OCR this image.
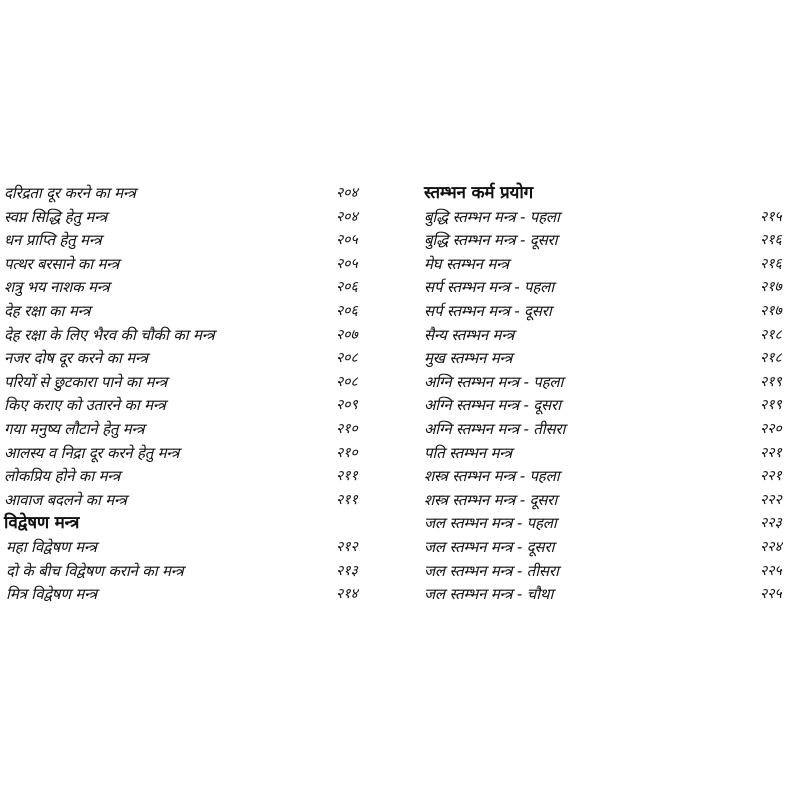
दरिद्रता दूर करने का मन्त्र	२०४
स्वप्न सिद्धि हेतु मन्त्र	२०४
धन प्राप्ति हेतु मन्त्र	२०५
पत्थर बरसाने का मन्त्र	२०५
शत्रु भय नाशक मन्त्र	२०६
देह रक्षा का मन्त्र	२०६
देह रक्षा के लिए भैरव की चौकी का मन्त्र	२०७
नजर दोष दूर करने का मन्त्र	२०८
परियों से छुटकारा पाने का मन्त्र	२०८
किए कराए को उतारने का मन्त्र	२०९
गया मनुष्य लौटाने हेतु मन्त्र	२१०
आलस्य व निद्रा दूर करने हेतु मन्त्र	२१०
लोकप्रिय होने का मन्त्र	२११
आवाज बदलने का मन्त्र	२११
विद्वेषण मन्त्र
महा विद्वेषण मन्त्र	२१२
दो के बीच विद्वेषण कराने का मन्त्र	२१३
मित्र विद्वेषण मन्त्र	२१४
स्तम्भन कर्म प्रयोग
बुद्धि स्तम्भन मन्त्र - पहला	२१५
बुद्धि स्तम्भन मन्त्र - दूसरा	२१६
मेघ स्तम्भन मन्त्र	२१६
सर्प स्तम्भन मन्त्र - पहला	२१७
सर्प स्तम्भन मन्त्र - दूसरा	२१७
सैन्य स्तम्भन मन्त्र	२१८
मुख स्तम्भन मन्त्र	२१८
अग्नि स्तम्भन मन्त्र - पहला	२१९
अग्नि स्तम्भन मन्त्र - दूसरा	२१९
अग्नि स्तम्भन मन्त्र - तीसरा	२२०
पति स्तम्भन मन्त्र	२२१
शस्त्र स्तम्भन मन्त्र - पहला	२२१
शस्त्र स्तम्भन मन्त्र - दूसरा	२२२
जल स्तम्भन मन्त्र - पहला	२२३
जल स्तम्भन मन्त्र - दूसरा	२२४
जल स्तम्भन मन्त्र - तीसरा	२२५
जल स्तम्भन मन्त्र - चौथा	२२५
